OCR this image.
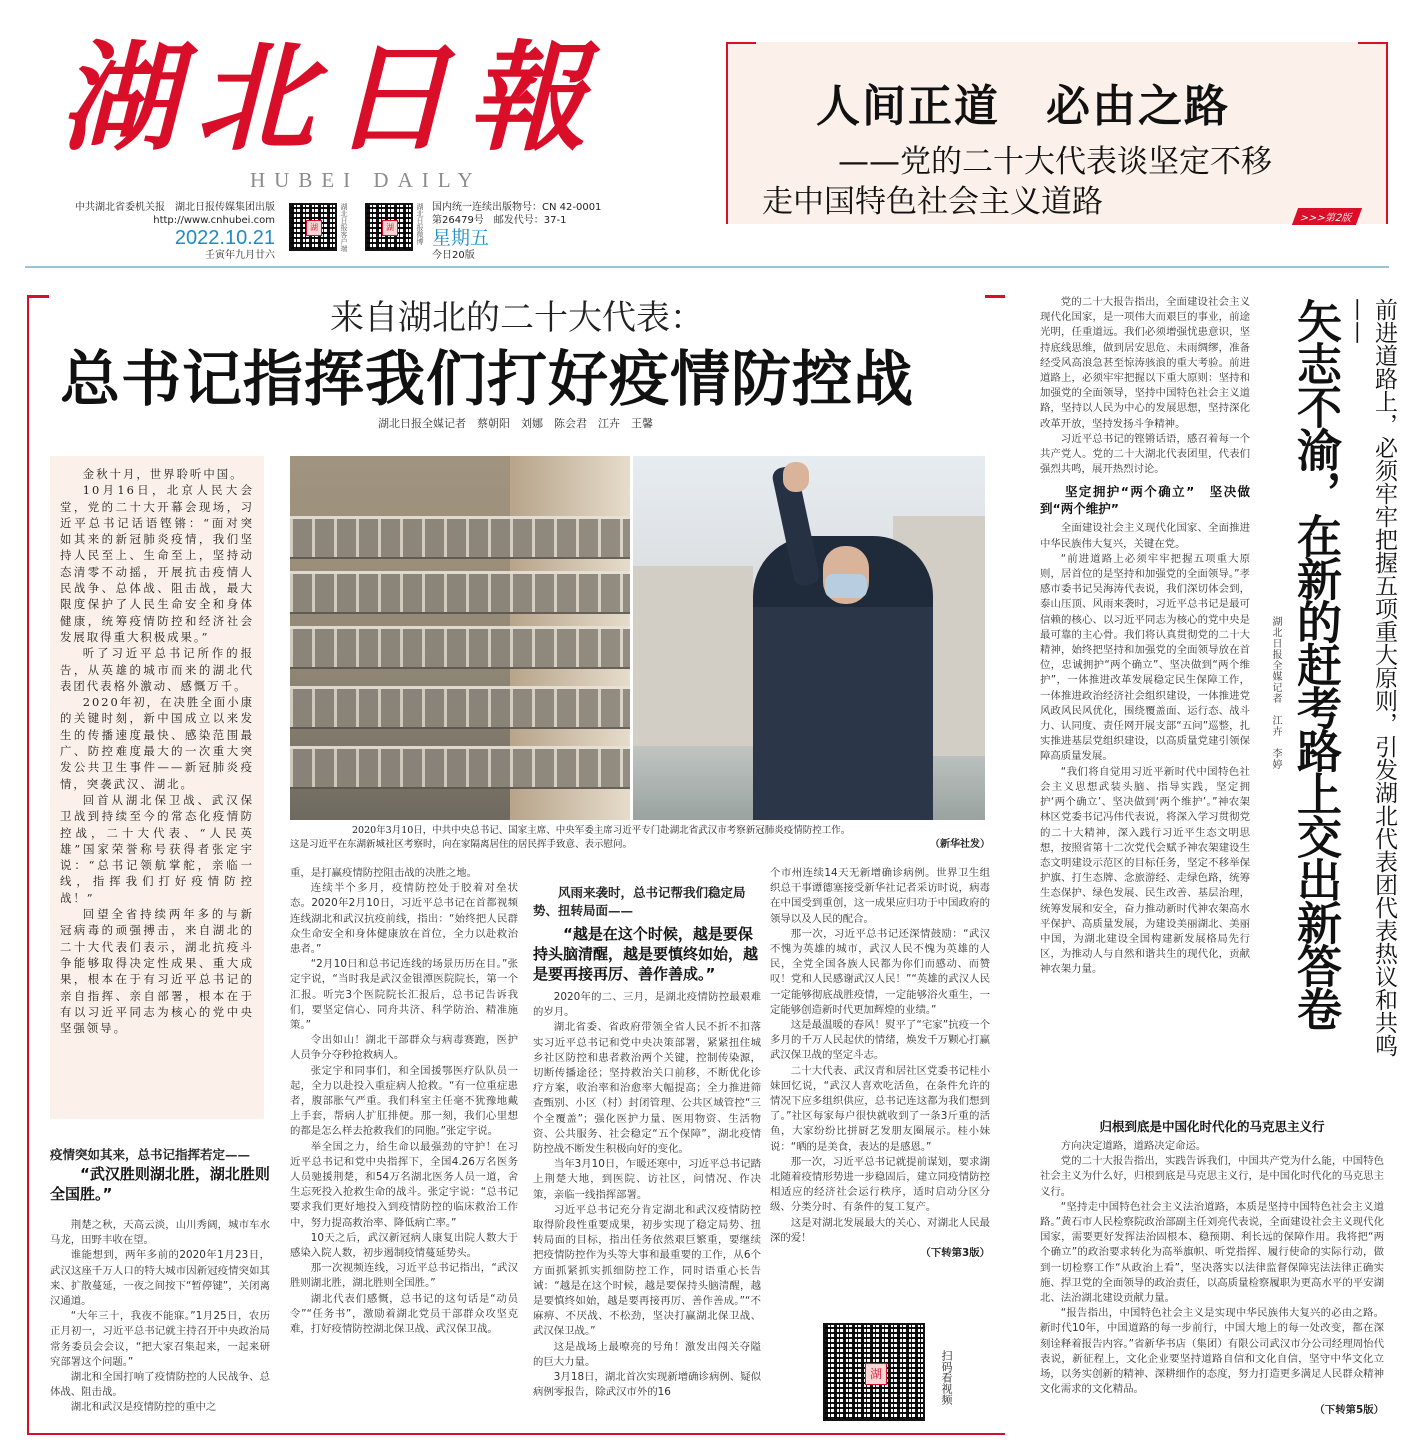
湖北日報
HUBEI DAILY
中共湖北省委机关报　湖北日报传媒集团出版
http://www.cnhubei.com
2022.10.21
壬寅年九月廿六
湖	湖北日报客户端	湖	湖北日报微博 国内统一连续出版物号：CN 42-0001
第26479号　邮发代号：37-1
星期五
今日20版
人间正道　必由之路
——党的二十大代表谈坚定不移
走中国特色社会主义道路	>>>第2版
来自湖北的二十大代表：
总书记指挥我们打好疫情防控战
湖北日报全媒记者　蔡朝阳　刘娜　陈会君　江卉　王馨

金秋十月，世界聆听中国。

10月16日，北京人民大会堂，党的二十大开幕会现场，习近平总书记话语铿锵：“面对突如其来的新冠肺炎疫情，我们坚持人民至上、生命至上，坚持动态清零不动摇，开展抗击疫情人民战争、总体战、阻击战，最大限度保护了人民生命安全和身体健康，统筹疫情防控和经济社会发展取得重大积极成果。”

听了习近平总书记所作的报告，从英雄的城市而来的湖北代表团代表格外激动、感慨万千。

2020年初，在决胜全面小康的关键时刻，新中国成立以来发生的传播速度最快、感染范围最广、防控难度最大的一次重大突发公共卫生事件——新冠肺炎疫情，突袭武汉、湖北。

回首从湖北保卫战、武汉保卫战到持续至今的常态化疫情防控战，二十大代表、“人民英雄”国家荣誉称号获得者张定宇说：“总书记领航掌舵，亲临一线，指挥我们打好疫情防控战！”

回望全省持续两年多的与新冠病毒的顽强搏击，来自湖北的二十大代表们表示，湖北抗疫斗争能够取得决定性成果、重大成果，根本在于有习近平总书记的亲自指挥、亲自部署，根本在于有以习近平同志为核心的党中央坚强领导。

2020年3月10日，中共中央总书记、国家主席、中央军委主席习近平专门赴湖北省武汉市考察新冠肺炎疫情防控工作。
这是习近平在东湖新城社区考察时，向在家隔离居住的居民挥手致意、表示慰问。	（新华社发）
疫情突如其来，总书记指挥若定——
“武汉胜则湖北胜，湖北胜则全国胜。”

荆楚之秋，天高云淡，山川秀阔，城市车水马龙，田野丰收在望。

谁能想到，两年多前的2020年1月23日，武汉这座千万人口的特大城市因新冠疫情突如其来、扩散蔓延，一夜之间按下“暂停键”，关闭离汉通道。

“大年三十，我夜不能寐。”1月25日，农历正月初一，习近平总书记就主持召开中央政治局常务委员会会议，“把大家召集起来，一起来研究部署这个问题。”

湖北和全国打响了疫情防控的人民战争、总体战、阻击战。

湖北和武汉是疫情防控的重中之

重，是打赢疫情防控阻击战的决胜之地。

连续半个多月，疫情防控处于胶着对垒状态。2020年2月10日，习近平总书记在首都视频连线湖北和武汉抗疫前线，指出：“始终把人民群众生命安全和身体健康放在首位，全力以赴救治患者。”

“2月10日和总书记连线的场景历历在目。”张定宇说，“当时我是武汉金银潭医院院长，第一个汇报。听完3个医院院长汇报后，总书记告诉我们，要坚定信心、同舟共济、科学防治、精准施策。”

令出如山！湖北干部群众与病毒赛跑，医护人员争分夺秒抢救病人。

张定宇和同事们，和全国援鄂医疗队队员一起，全力以赴投入重症病人抢救。“有一位重症患者，腹部胀气严重。我们科室主任毫不犹豫地戴上手套，帮病人扩肛排便。那一刻，我们心里想的都是怎么样去抢救我们的同胞。”张定宇说。

举全国之力，给生命以最强劲的守护！在习近平总书记和党中央指挥下，全国4.26万名医务人员驰援荆楚，和54万名湖北医务人员一道，舍生忘死投入抢救生命的战斗。张定宇说：“总书记要求我们更好地投入到疫情防控的临床救治工作中，努力提高救治率、降低病亡率。”

10天之后，武汉新冠病人康复出院人数大于感染入院人数，初步遏制疫情蔓延势头。

那一次视频连线，习近平总书记指出，“武汉胜则湖北胜，湖北胜则全国胜。”

湖北代表们感慨，总书记的这句话是“动员令”“任务书”，激励着湖北党员干部群众攻坚克难，打好疫情防控湖北保卫战、武汉保卫战。

风雨来袭时，总书记帮我们稳定局势、扭转局面——
“越是在这个时候，越是要保持头脑清醒，越是要慎终如始，越是要再接再厉、善作善成。”

2020年的二、三月，是湖北疫情防控最艰难的岁月。

湖北省委、省政府带领全省人民不折不扣落实习近平总书记和党中央决策部署，紧紧扭住城乡社区防控和患者救治两个关键，控制传染源，切断传播途径；坚持救治关口前移，不断优化诊疗方案，收治率和治愈率大幅提高；全力推进筛查甄别、小区（村）封闭管理、公共区域管控“三个全覆盖”；强化医护力量、医用物资、生活物资、公共服务、社会稳定“五个保障”，湖北疫情防控战不断发生积极向好的变化。

当年3月10日，乍暖还寒中，习近平总书记踏上荆楚大地，到医院、访社区，问情况、作决策，亲临一线指挥部署。

习近平总书记充分肯定湖北和武汉疫情防控取得阶段性重要成果，初步实现了稳定局势、扭转局面的目标，指出任务依然艰巨繁重，要继续把疫情防控作为头等大事和最重要的工作，从6个方面抓紧抓实抓细防控工作，同时语重心长告诫：“越是在这个时候，越是要保持头脑清醒，越是要慎终如始，越是要再接再厉、善作善成。”“不麻痹、不厌战、不松劲，坚决打赢湖北保卫战、武汉保卫战。”

这是战场上最嘹亮的号角！激发出闯关夺隘的巨大力量。

3月18日，湖北首次实现新增确诊病例、疑似病例零报告，除武汉市外的16

个市州连续14天无新增确诊病例。世界卫生组织总干事谭德塞接受新华社记者采访时说，病毒在中国受到重创，这一成果应归功于中国政府的领导以及人民的配合。

那一次，习近平总书记还深情鼓励：“武汉不愧为英雄的城市，武汉人民不愧为英雄的人民，全党全国各族人民都为你们而感动、而赞叹！党和人民感谢武汉人民！”“英雄的武汉人民一定能够彻底战胜疫情，一定能够浴火重生，一定能够创造新时代更加辉煌的业绩。”

这是最温暖的春风！熨平了“宅家”抗疫一个多月的千万人民起伏的情绪，焕发千万颗心打赢武汉保卫战的坚定斗志。

二十大代表、武汉青和居社区党委书记桂小妹回忆说，“武汉人喜欢吃活鱼，在条件允许的情况下应多组织供应，总书记连这都为我们想到了。”社区每家每户很快就收到了一条3斤重的活鱼，大家纷纷比拼厨艺发朋友圈展示。桂小妹说：“晒的是美食，表达的是感恩。”

那一次，习近平总书记就提前谋划，要求湖北随着疫情形势进一步稳固后，建立同疫情防控相适应的经济社会运行秩序，适时启动分区分级、分类分时、有条件的复工复产。

这是对湖北发展最大的关心、对湖北人民最深的爱！

（下转第3版）
湖	扫码看视频

党的二十大报告指出，全面建设社会主义现代化国家，是一项伟大而艰巨的事业，前途光明，任重道远。我们必须增强忧患意识，坚持底线思维，做到居安思危、未雨绸缪，准备经受风高浪急甚至惊涛骇浪的重大考验。前进道路上，必须牢牢把握以下重大原则：坚持和加强党的全面领导，坚持中国特色社会主义道路，坚持以人民为中心的发展思想，坚持深化改革开放，坚持发扬斗争精神。

习近平总书记的铿锵话语，感召着每一个共产党人。党的二十大湖北代表团里，代表们强烈共鸣，展开热烈讨论。

坚定拥护“两个确立”　坚决做到“两个维护”

全面建设社会主义现代化国家、全面推进中华民族伟大复兴，关键在党。

“前进道路上必须牢牢把握五项重大原则，居首位的是坚持和加强党的全面领导。”孝感市委书记吴海涛代表说，我们深切体会到，泰山压顶、风雨来袭时，习近平总书记是最可信赖的核心、以习近平同志为核心的党中央是最可靠的主心骨。我们将认真贯彻党的二十大精神，始终把坚持和加强党的全面领导放在首位，忠诚拥护“两个确立”、坚决做到“两个维护”，一体推进改革发展稳定民生保障工作，一体推进政治经济社会组织建设，一体推进党风政风民风优化，围绕覆盖面、运行态、战斗力、认同度、责任网开展支部“五问”巡整，扎实推进基层党组织建设，以高质量党建引领保障高质量发展。

“我们将自觉用习近平新时代中国特色社会主义思想武装头脑、指导实践，坚定拥护‘两个确立’、坚决做到‘两个维护’。”神农架林区党委书记冯伟代表说，将深入学习贯彻党的二十大精神，深入践行习近平生态文明思想，按照省第十二次党代会赋予神农架建设生态文明建设示范区的目标任务，坚定不移举保护旗、打生态牌、念旅游经、走绿色路，统筹生态保护、绿色发展、民生改善、基层治理，统筹发展和安全，奋力推动新时代神农架高水平保护、高质量发展，为建设美丽湖北、美丽中国，为湖北建设全国构建新发展格局先行区，为推动人与自然和谐共生的现代化，贡献神农架力量。	矢志不渝，在新的赶考路上交出新答卷	前进道路上，必须牢牢把握五项重大原则，引发湖北代表团代表热议和共鸣——
湖北日报全媒记者　江卉　李婷
归根到底是中国化时代化的马克思主义行

方向决定道路，道路决定命运。

党的二十大报告指出，实践告诉我们，中国共产党为什么能，中国特色社会主义为什么好，归根到底是马克思主义行，是中国化时代化的马克思主义行。

“坚持走中国特色社会主义法治道路，本质是坚持中国特色社会主义道路。”黄石市人民检察院政治部副主任刘亮代表说，全面建设社会主义现代化国家，需要更好发挥法治固根本、稳预期、利长远的保障作用。我将把“两个确立”的政治要求转化为高举旗帜、听党指挥、履行使命的实际行动，做到一切检察工作“从政治上看”，坚决落实以法律监督保障宪法法律正确实施、捍卫党的全面领导的政治责任，以高质量检察履职为更高水平的平安湖北、法治湖北建设贡献力量。

“报告指出，中国特色社会主义是实现中华民族伟大复兴的必由之路。新时代10年，中国道路的每一步前行，中国大地上的每一处改变，都在深刻诠释着报告内容。”省新华书店（集团）有限公司武汉市分公司经理周怡代表说，新征程上，文化企业要坚持道路自信和文化自信，坚守中华文化立场，以务实创新的精神、深耕细作的态度，努力打造更多满足人民群众精神文化需求的文化精品。

（下转第5版）
